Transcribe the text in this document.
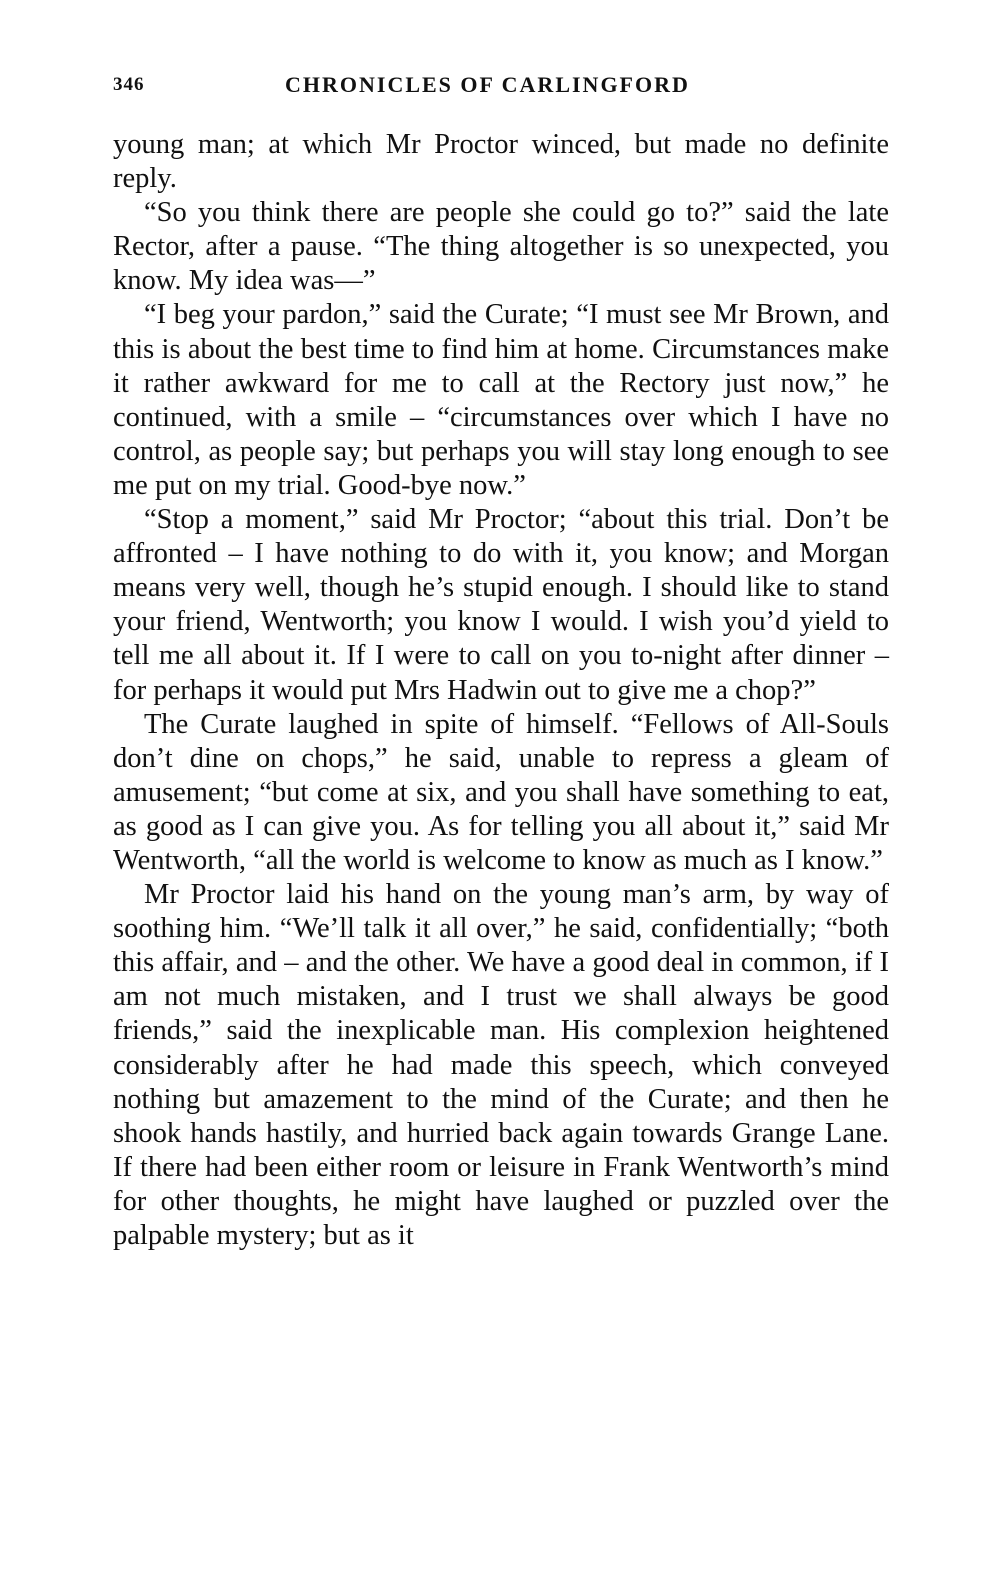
346	CHRONICLES OF CARLINGFORD

young man; at which Mr Proctor winced, but made no definite reply.

“So you think there are people she could go to?” said the late Rector, after a pause. “The thing altogether is so unexpected, you know. My idea was—”

“I beg your pardon,” said the Curate; “I must see Mr Brown, and this is about the best time to find him at home. Circumstances make it rather awkward for me to call at the Rectory just now,” he continued, with a smile – “circumstances over which I have no control, as people say; but perhaps you will stay long enough to see me put on my trial. Good-bye now.”

“Stop a moment,” said Mr Proctor; “about this trial. Don’t be affronted – I have nothing to do with it, you know; and Morgan means very well, though he’s stupid enough. I should like to stand your friend, Wentworth; you know I would. I wish you’d yield to tell me all about it. If I were to call on you to-night after dinner – for perhaps it would put Mrs Hadwin out to give me a chop?”

The Curate laughed in spite of himself. “Fellows of All-Souls don’t dine on chops,” he said, unable to repress a gleam of amusement; “but come at six, and you shall have something to eat, as good as I can give you. As for telling you all about it,” said Mr Wentworth, “all the world is welcome to know as much as I know.”

Mr Proctor laid his hand on the young man’s arm, by way of soothing him. “We’ll talk it all over,” he said, confidentially; “both this affair, and – and the other. We have a good deal in common, if I am not much mistaken, and I trust we shall always be good friends,” said the inexplicable man. His complexion heightened considerably after he had made this speech, which conveyed nothing but amazement to the mind of the Curate; and then he shook hands hastily, and hurried back again towards Grange Lane. If there had been either room or leisure in Frank Wentworth’s mind for other thoughts, he might have laughed or puzzled over the palpable mystery; but as it
